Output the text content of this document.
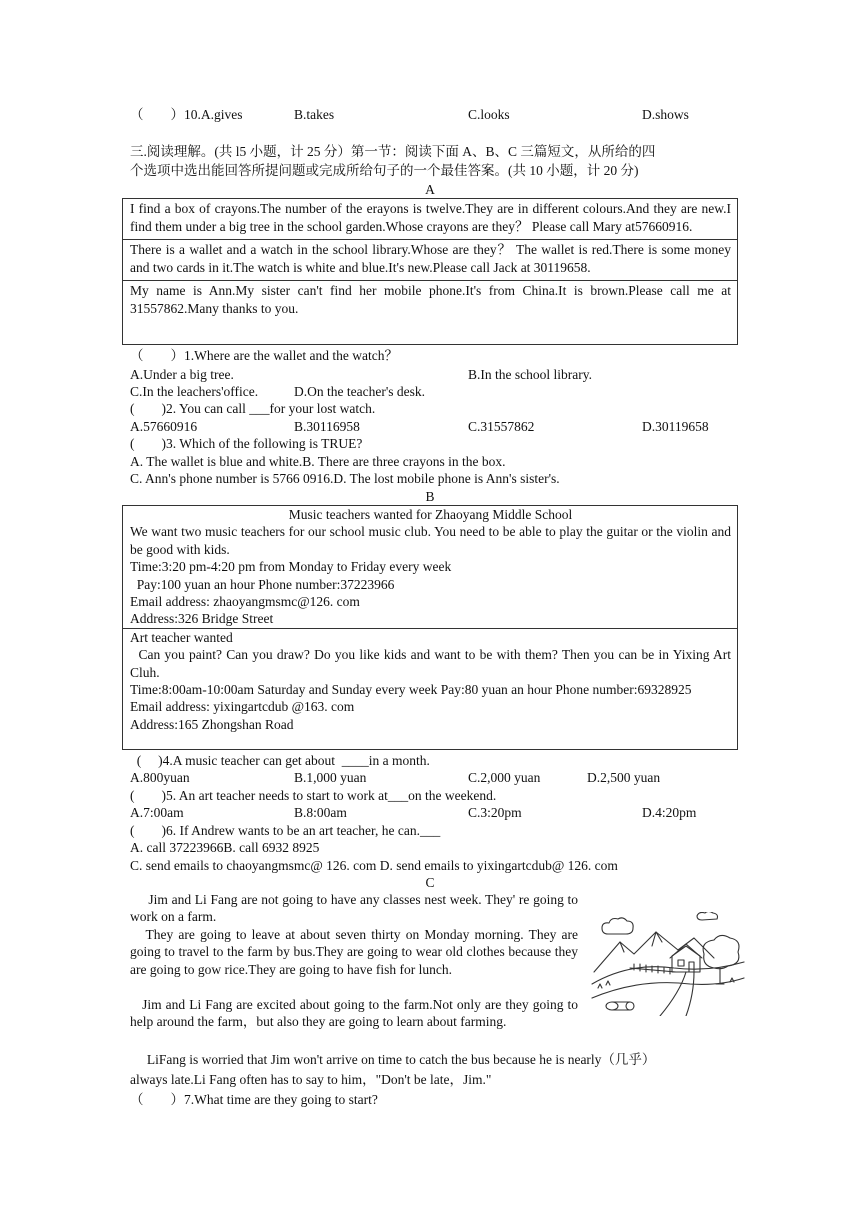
（　　）10.A.gives	B.takes	C.looks	D.shows
三.阅读理解。(共 l5 小题，计 25 分）第一节：阅读下面 A、B、C 三篇短文，从所给的四
个选项中选出能回答所提问题或完成所给句子的一个最佳答案。(共 10 小题，计 20 分)
A
I find a box of crayons.The number of the erayons is twelve.They are in different colours.And they are new.I find them under a big tree in the school garden.Whose crayons are they？ Please call Mary at57660916.
There is a wallet and a watch in the school library.Whose are they？ The wallet is red.There is some money and two cards in it.The watch is white and blue.It's new.Please call Jack at 30119658.
My name is Ann.My sister can't find her mobile phone.It's from China.It is brown.Please call me at 31557862.Many thanks to you.
（　　）1.Where are the wallet and the watch？
A.Under a big tree.	B.In the school library.
C.In the leachers'office.	D.On the teacher's desk.
(　　)2. You can call ___for your lost watch.
A.57660916	B.30116958	C.31557862	D.30119658
(　　)3. Which of the following is TRUE?
A. The wallet is blue and white.B. There are three crayons in the box.
C. Ann's phone number is 5766 0916.D. The lost mobile phone is Ann's sister's.
B
Music teachers wanted for Zhaoyang Middle School
We want two music teachers for our school music club. You need to be able to play the guitar or the violin and be good with kids.
Time:3:20 pm-4:20 pm from Monday to Friday every week
Pay:100 yuan an hour Phone number:37223966
Email address: zhaoyangmsmc@126. com
Address:326 Bridge Street
Art teacher wanted
Can you paint? Can you draw? Do you like kids and want to be with them? Then you can be in Yixing Art Cluh.
Time:8:00am-10:00am Saturday and Sunday every week Pay:80 yuan an hour Phone number:69328925
Email address: yixingartcdub @163. com
Address:165 Zhongshan Road
(　 )4.A music teacher can get about  ____in a month.
A.800yuan	B.1,000 yuan	C.2,000 yuan	D.2,500 yuan
(　　)5. An art teacher needs to start to work at___on the weekend.
A.7:00am	B.8:00am	C.3:20pm	D.4:20pm
(　　)6. If Andrew wants to be an art teacher, he can.___
A. call 37223966B. call 6932 8925
C. send emails to chaoyangmsmc@ 126. com D. send emails to yixingartcdub@ 126. com
C
Jim and Li Fang are not going to have any classes nest week. They' re going to work on a farm.
They are going to leave at about seven thirty on Monday morning. They are going to travel to the farm by bus.They are going to wear old clothes because they are going to gow rice.They are going to have fish for lunch.
Jim and Li Fang are excited about going to the farm.Not only are they going to help around the farm，but also they are going to learn about farming.
LiFang is worried that Jim won't arrive on time to catch the bus because he is nearly（几乎）
always late.Li Fang often has to say to him，"Don't be late，Jim."
（　　）7.What time are they going to start?
